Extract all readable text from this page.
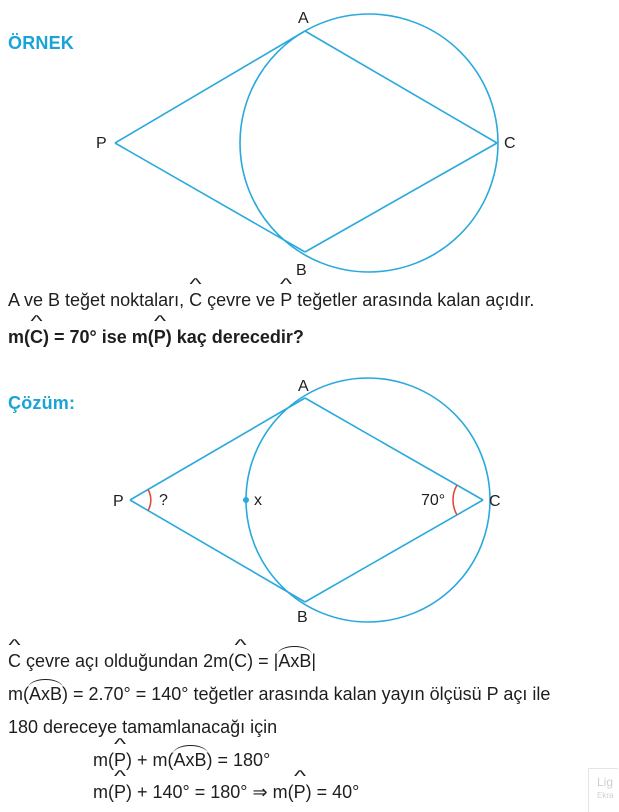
ÖRNEK
A
B
C
P
A ve B teğet noktaları, ^ C çevre ve ^ P teğetler arasında kalan açıdır.
m(^ C) = 70° ise m(^ P) kaç derecedir?
Çözüm:
A
B
C
P	x	70°
?
^ C çevre açı olduğundan 2m(^ C) = |AxB|
m(AxB) = 2.70° = 140° teğetler arasında kalan yayın ölçüsü P açı ile
180 dereceye tamamlanacağı için
m(^ P) + m(AxB) = 180°
m(^ P) + 140° = 180° ⇒ m(^ P) = 40°	Lig
Ekra
